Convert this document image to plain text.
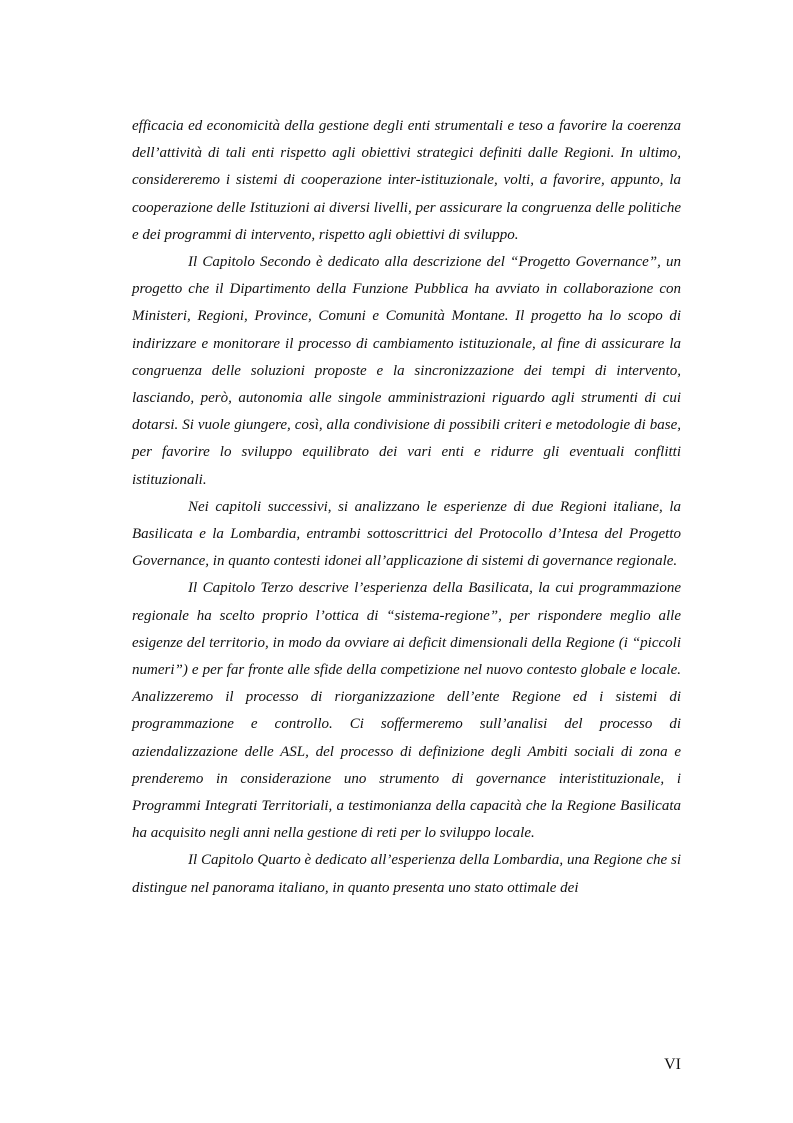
efficacia ed economicità della gestione degli enti strumentali e teso a favorire la coerenza dell’attività di tali enti rispetto agli obiettivi strategici definiti dalle Regioni. In ultimo, considereremo i sistemi di cooperazione inter-istituzionale, volti, a favorire, appunto, la cooperazione delle Istituzioni ai diversi livelli, per assicurare la congruenza delle politiche e dei programmi di intervento, rispetto agli obiettivi di sviluppo.

Il Capitolo Secondo è dedicato alla descrizione del “Progetto Governance”, un progetto che il Dipartimento della Funzione Pubblica ha avviato in collaborazione con Ministeri, Regioni, Province, Comuni e Comunità Montane. Il progetto ha lo scopo di indirizzare e monitorare il processo di cambiamento istituzionale, al fine di assicurare la congruenza delle soluzioni proposte e la sincronizzazione dei tempi di intervento, lasciando, però, autonomia alle singole amministrazioni riguardo agli strumenti di cui dotarsi. Si vuole giungere, così, alla condivisione di possibili criteri e metodologie di base, per favorire lo sviluppo equilibrato dei vari enti e ridurre gli eventuali conflitti istituzionali.

Nei capitoli successivi, si analizzano le esperienze di due Regioni italiane, la Basilicata e la Lombardia, entrambi sottoscrittrici del Protocollo d’Intesa del Progetto Governance, in quanto contesti idonei all’applicazione di sistemi di governance regionale.

Il Capitolo Terzo descrive l’esperienza della Basilicata, la cui programmazione regionale ha scelto proprio l’ottica di “sistema-regione”, per rispondere meglio alle esigenze del territorio, in modo da ovviare ai deficit dimensionali della Regione (i “piccoli numeri”) e per far fronte alle sfide della competizione nel nuovo contesto globale e locale. Analizzeremo il processo di riorganizzazione dell’ente Regione ed i sistemi di programmazione e controllo. Ci soffermeremo sull’analisi del processo di aziendalizzazione delle ASL, del processo di definizione degli Ambiti sociali di zona e prenderemo in considerazione uno strumento di governance interistituzionale, i Programmi Integrati Territoriali, a testimonianza della capacità che la Regione Basilicata ha acquisito negli anni nella gestione di reti per lo sviluppo locale.

Il Capitolo Quarto è dedicato all’esperienza della Lombardia, una Regione che si distingue nel panorama italiano, in quanto presenta uno stato ottimale dei

VI
